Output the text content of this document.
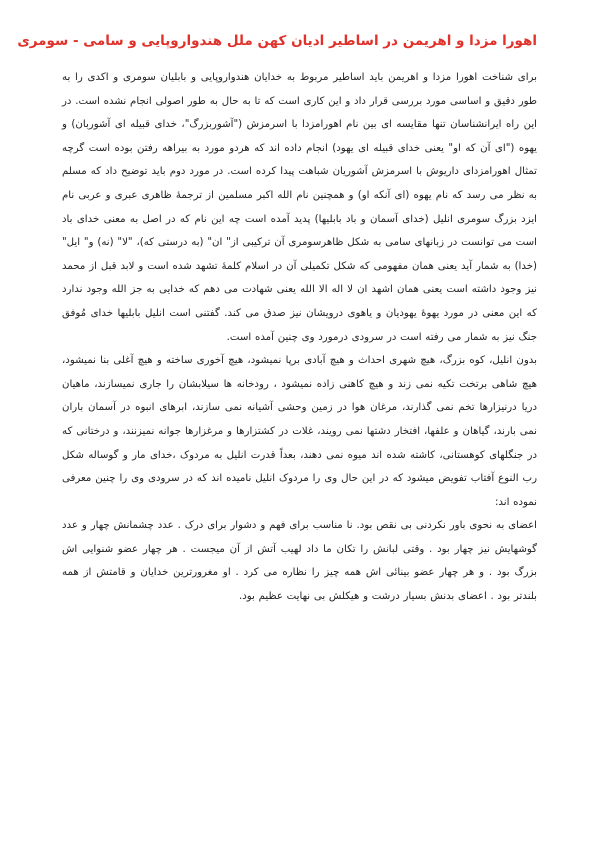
اهورا مزدا و اهریمن در اساطیر ادیان کهن ملل هندواروپایی و سامی - سومری

برای شناخت اهورا مزدا و اهریمن باید اساطیر مربوط به خدایان هندواروپایی و بابلیان سومری و اکدی را به طور دقیق و اساسی مورد بررسی قرار داد و این کاری است که تا به حال به طور اصولی انجام نشده است. در این راه ایرانشناسان تنها مقایسه ای بین نام اهورامزدا با اسرمزش ("آشوربزرگ"، خدای قبیله ای آشوربان) و یهوه ("ای آن که او" یعنی خدای قبیله ای یهود) انجام داده اند که هردو مورد به بیراهه رفتن بوده است گرچه تمثال اهورامزدای داریوش با اسرمزش آشوریان شباهت پیدا کرده است. در مورد دوم باید توضیح داد که مسلم به نظر می رسد که نام یهوه (ای آنکه او) و همچنین نام الله اکبر مسلمین از ترجمهٔ ظاهری عبری و عربی نام ایزد بزرگ سومری انلیل (خدای آسمان و باد بابلیها) پدید آمده است چه این نام که در اصل به معنی خدای باد است می توانست در زبانهای سامی به شکل ظاهرسومری آن ترکیبی از" ان" (به درستی که)، "لا" (نه) و" ایل" (خدا) به شمار آید یعنی همان مفهومی که شکل تکمیلی آن در اسلام کلمهٔ تشهد شده است و لابد قبل از محمد نیز وجود داشته است یعنی همان اشهد ان لا اله الا الله یعنی شهادت می دهم که خدایی به جز الله وجود ندارد که این معنی در مورد یهوهٔ یهودیان و یاهوی درویشان نیز صدق می کند. گفتنی است انلیل بابلیها خدای مُوفق جنگ نیز به شمار می رفته است در سرودی درمورد وی چنین آمده است.

بدون انلیل، کوه بزرگ، هیچ شهری احداث و هیچ آبادی برپا نمیشود، هیچ آخوری ساخته و هیچ آغلی بنا نمیشود، هیچ شاهی برتخت تکیه نمی زند و هیچ کاهنی زاده نمیشود ، رودخانه ها سیلابشان را جاری نمیسازند، ماهیان دریا درنیزارها تخم نمی گذارند، مرغان هوا در زمین وحشی آشیانه نمی سازند، ابرهای انبوه در آسمان باران نمی بارند، گیاهان و علفها، افتخار دشتها نمی رویند، غلات در کشتزارها و مرغزارها جوانه نمیزنند، و درختانی که در جنگلهای کوهستانی، کاشته شده اند میوه نمی دهند، بعداً قدرت انلیل به مردوک ،خدای مار و گوساله شکل رب النوع آفتاب تفویض میشود که در این حال وی را مردوک انلیل نامیده اند که در سرودی وی را چنین معرفی نموده اند:

اعضای به نحوی باور نکردنی بی نقص بود. نا مناسب برای فهم و دشوار برای درک . عدد چشمانش چهار و عدد گوشهایش نیز چهار بود . وقتی لبانش را تکان ما داد لهیب آتش از آن میجست . هر چهار عضو شنوایی اش بزرگ بود . و هر چهار عضو بینائی اش همه چیز را نظاره می کرد . او مغرورترین خدایان و قامتش از همه بلندتر بود . اعضای بدنش بسیار درشت و هیکلش بی نهایت عظیم بود.
